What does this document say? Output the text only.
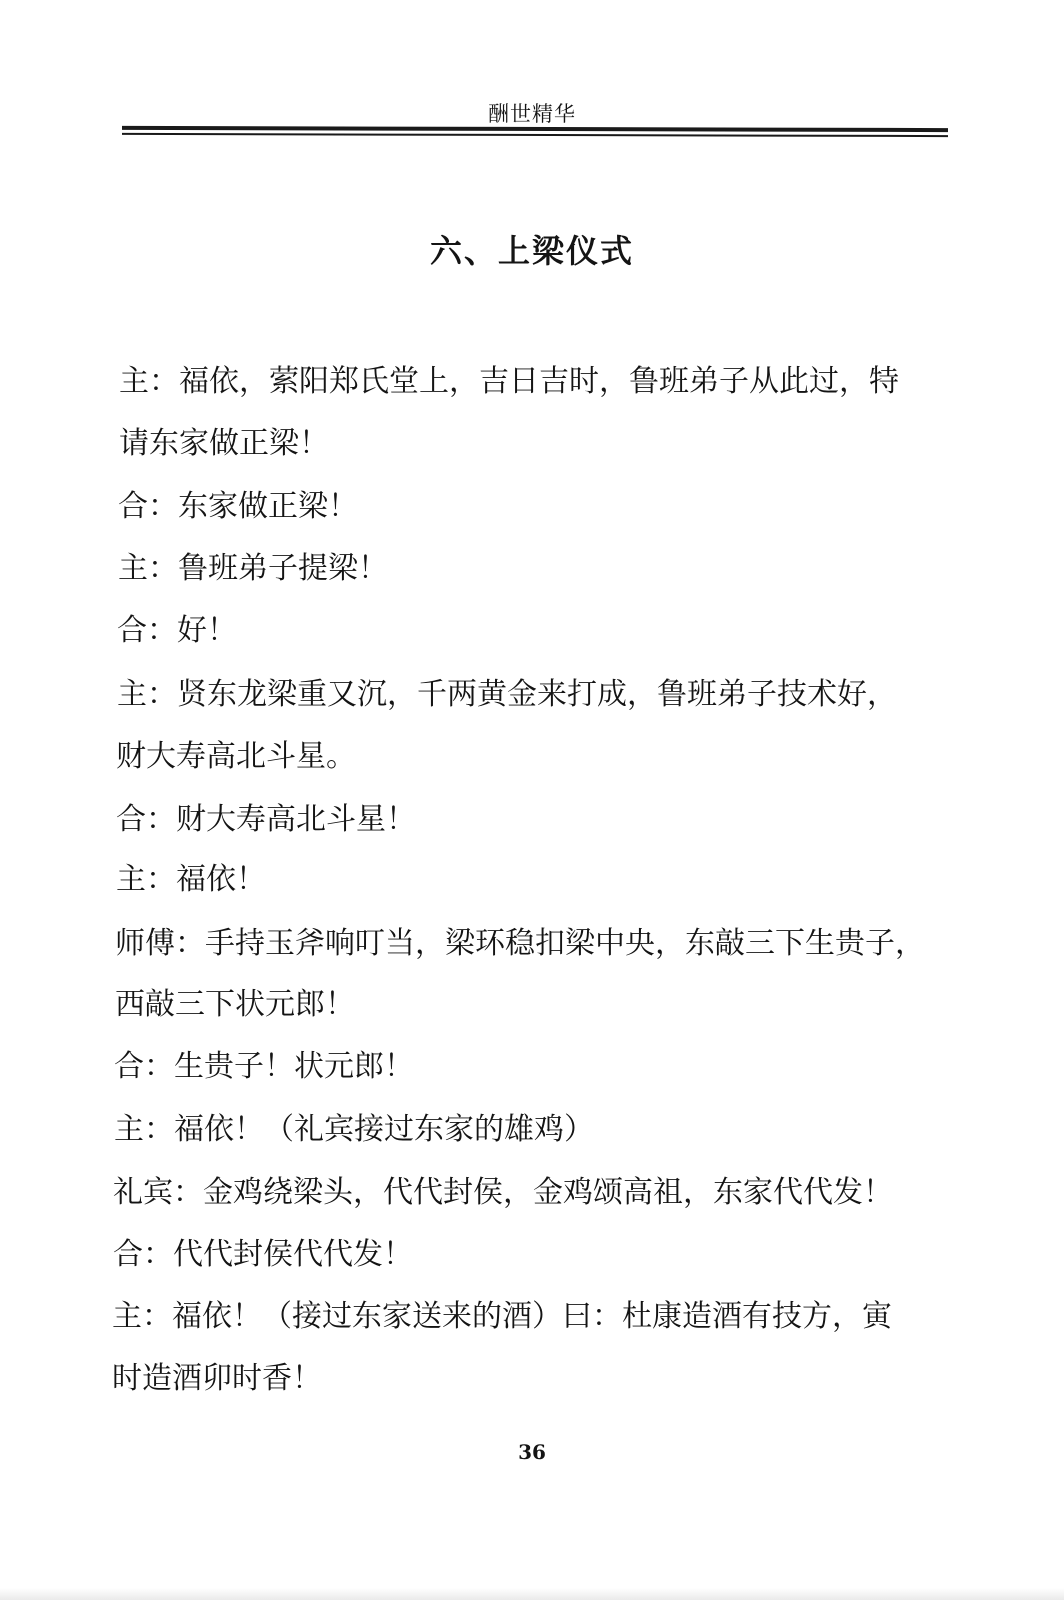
酬世精华
六、上梁仪式
主：福依，萦阳郑氏堂上，吉日吉时，鲁班弟子从此过，特
请东家做正梁！
合：东家做正梁！
主：鲁班弟子提梁！
合：好！
主：贤东龙梁重又沉，千两黄金来打成，鲁班弟子技术好，
财大寿高北斗星。
合：财大寿高北斗星！
主：福依！
师傅：手持玉斧响叮当，梁环稳扣梁中央，东敲三下生贵子，
西敲三下状元郎！
合：生贵子！状元郎！
主：福依！（礼宾接过东家的雄鸡）
礼宾：金鸡绕梁头，代代封侯，金鸡颂高祖，东家代代发！
合：代代封侯代代发！
主：福依！（接过东家送来的酒）曰：杜康造酒有技方，寅
时造酒卯时香！
36
